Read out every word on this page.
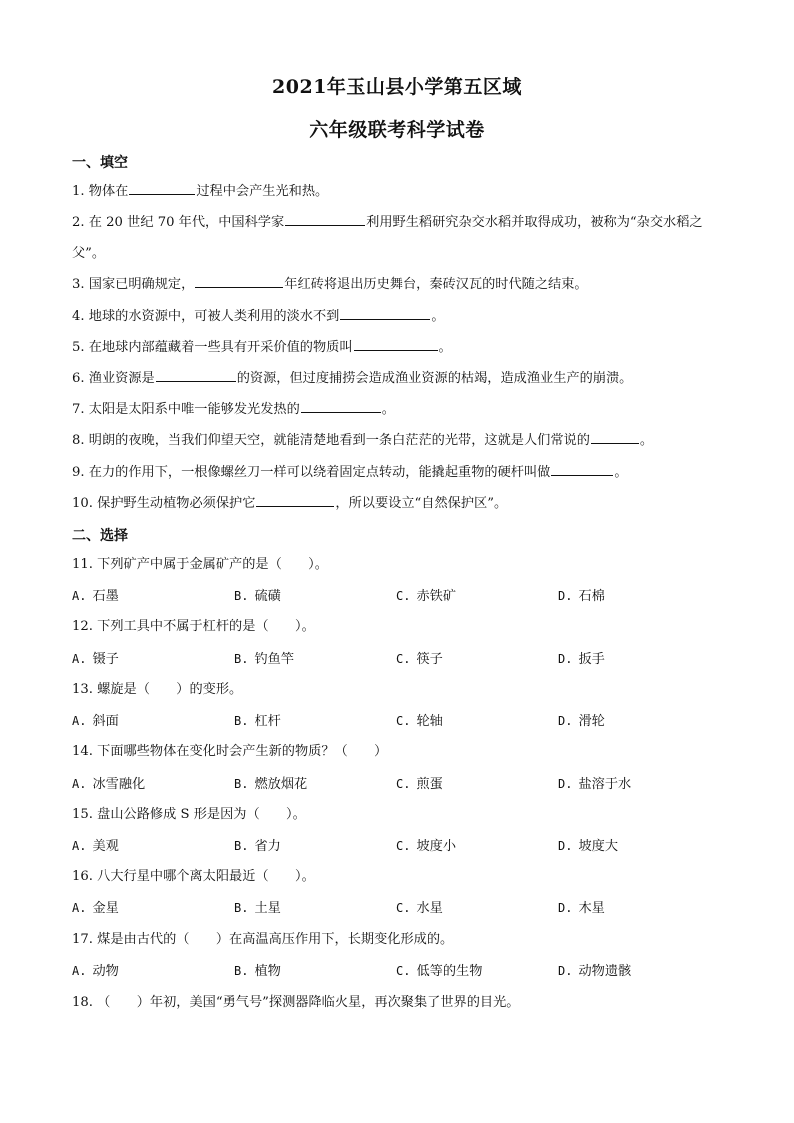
2021年玉山县小学第五区域
六年级联考科学试卷
一、填空
1. 物体在	过程中会产生光和热。
2. 在 20 世纪 70 年代，中国科学家	利用野生稻研究杂交水稻并取得成功，被称为“杂交水稻之父”。
3. 国家已明确规定，	年红砖将退出历史舞台，秦砖汉瓦的时代随之结束。
4. 地球的水资源中，可被人类利用的淡水不到	。
5. 在地球内部蕴藏着一些具有开采价值的物质叫	。
6. 渔业资源是	的资源，但过度捕捞会造成渔业资源的枯竭，造成渔业生产的崩溃。
7. 太阳是太阳系中唯一能够发光发热的	。
8. 明朗的夜晚，当我们仰望天空，就能清楚地看到一条白茫茫的光带，这就是人们常说的	。
9. 在力的作用下，一根像螺丝刀一样可以绕着固定点转动，能撬起重物的硬杆叫做	。
10. 保护野生动植物必须保护它	，所以要设立“自然保护区”。
二、选择
11. 下列矿产中属于金属矿产的是（　　）。
A. 石墨	B. 硫磺	C. 赤铁矿	D. 石棉
12. 下列工具中不属于杠杆的是（　　）。
A. 镊子	B. 钓鱼竿	C. 筷子	D. 扳手
13. 螺旋是（　　）的变形。
A. 斜面	B. 杠杆	C. 轮轴	D. 滑轮
14. 下面哪些物体在变化时会产生新的物质？（　　）
A. 冰雪融化	B. 燃放烟花	C. 煎蛋	D. 盐溶于水
15. 盘山公路修成 S 形是因为（　　）。
A. 美观	B. 省力	C. 坡度小	D. 坡度大
16. 八大行星中哪个离太阳最近（　　）。
A. 金星	B. 土星	C. 水星	D. 木星
17. 煤是由古代的（　　）在高温高压作用下，长期变化形成的。
A. 动物	B. 植物	C. 低等的生物	D. 动物遗骸
18. （　　）年初，美国“勇气号”探测器降临火星，再次聚集了世界的目光。
